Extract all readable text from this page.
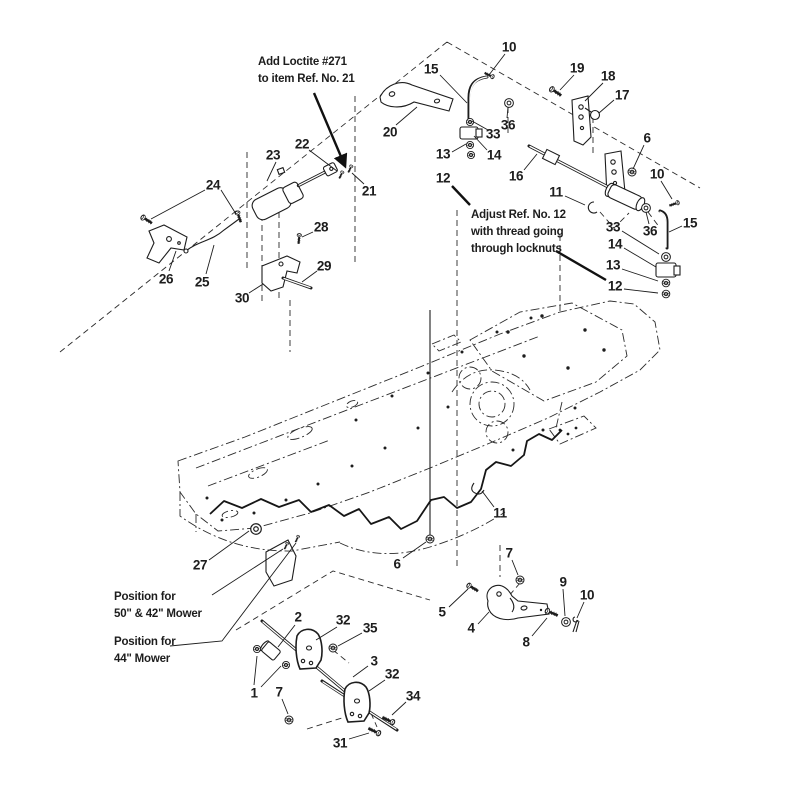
Add Loctite #271
to item Ref. No. 21
Adjust Ref. No. 12
with thread going
through locknuts
Position for
50" & 42" Mower
Position for
44" Mower
10
15	19
18
17
20	36
33
13	14
12
6
16	10
11
22
23
21
24
28
26 25
30
29
33 36
15
14
13
12
6
11
27
7
5
4
9
10
8
2	32
35
3
32
34
1 7
31
